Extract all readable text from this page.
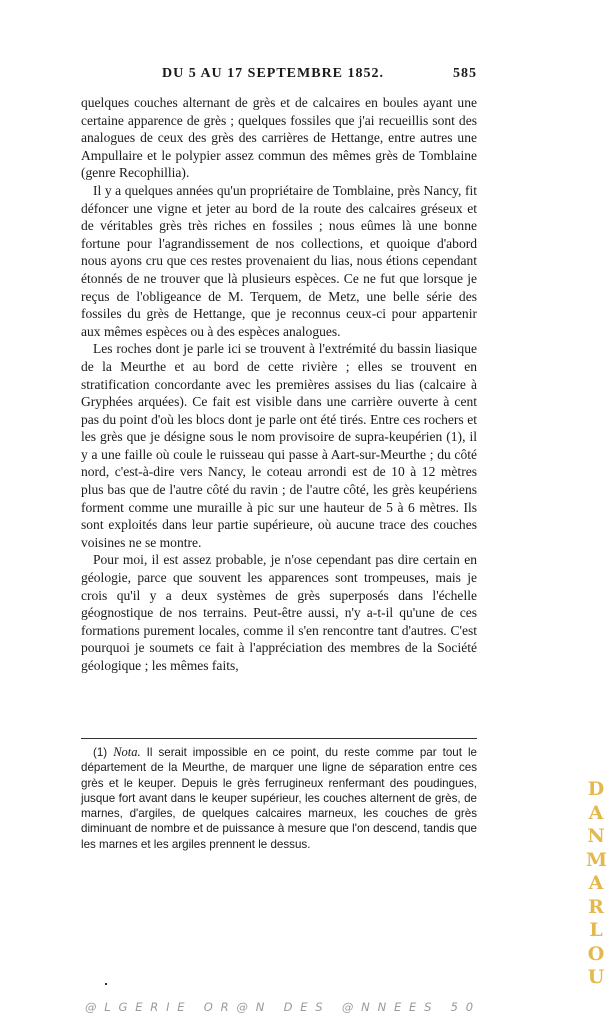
DU 5 AU 17 SEPTEMBRE 1852.	585

quelques couches alternant de grès et de calcaires en boules ayant une certaine apparence de grès ; quelques fossiles que j'ai recueillis sont des analogues de ceux des grès des carrières de Hettange, entre autres une Ampullaire et le polypier assez commun des mêmes grès de Tomblaine (genre Recophillia).

Il y a quelques années qu'un propriétaire de Tomblaine, près Nancy, fit défoncer une vigne et jeter au bord de la route des calcaires gréseux et de véritables grès très riches en fossiles ; nous eûmes là une bonne fortune pour l'agrandissement de nos collections, et quoique d'abord nous ayons cru que ces restes provenaient du lias, nous étions cependant étonnés de ne trouver que là plusieurs espèces. Ce ne fut que lorsque je reçus de l'obligeance de M. Terquem, de Metz, une belle série des fossiles du grès de Hettange, que je reconnus ceux-ci pour appartenir aux mêmes espèces ou à des espèces analogues.

Les roches dont je parle ici se trouvent à l'extrémité du bassin liasique de la Meurthe et au bord de cette rivière ; elles se trouvent en stratification concordante avec les premières assises du lias (calcaire à Gryphées arquées). Ce fait est visible dans une carrière ouverte à cent pas du point d'où les blocs dont je parle ont été tirés. Entre ces rochers et les grès que je désigne sous le nom provisoire de supra-keupérien (1), il y a une faille où coule le ruisseau qui passe à Aart-sur-Meurthe ; du côté nord, c'est-à-dire vers Nancy, le coteau arrondi est de 10 à 12 mètres plus bas que de l'autre côté du ravin ; de l'autre côté, les grès keupériens forment comme une muraille à pic sur une hauteur de 5 à 6 mètres. Ils sont exploités dans leur partie supérieure, où aucune trace des couches voisines ne se montre.

Pour moi, il est assez probable, je n'ose cependant pas dire certain en géologie, parce que souvent les apparences sont trompeuses, mais je crois qu'il y a deux systèmes de grès superposés dans l'échelle géognostique de nos terrains. Peut-être aussi, n'y a-t-il qu'une de ces formations purement locales, comme il s'en rencontre tant d'autres. C'est pourquoi je soumets ce fait à l'appréciation des membres de la Société géologique ; les mêmes faits,

(1) Nota. Il serait impossible en ce point, du reste comme par tout le département de la Meurthe, de marquer une ligne de séparation entre ces grès et le keuper. Depuis le grès ferrugineux renfermant des poudingues, jusque fort avant dans le keuper supérieur, les couches alternent de grès, de marnes, d'argiles, de quelques calcaires marneux, les couches de grès diminuant de nombre et de puissance à mesure que l'on descend, tandis que les marnes et les argiles prennent le dessus.

D
A
N
M
A
R
L
O
U
@LGERIE OR@N DES @NNEES 50
